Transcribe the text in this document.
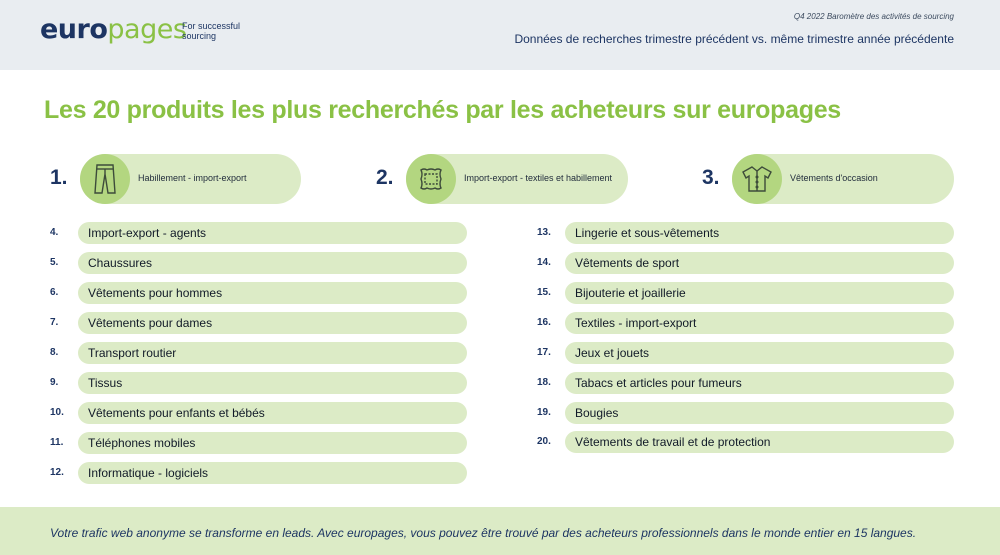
europages
For successful
sourcing
Q4 2022 Baromètre des activités de sourcing
Données de recherches trimestre précédent vs. même trimestre année précédente
Les 20 produits les plus recherchés par les acheteurs sur europages
1.	Habillement - import-export	2.	Import-export - textiles et habillement	3.	Vêtements d'occasion
4.	Import-export - agents
5.	Chaussures
6.	Vêtements pour hommes
7.	Vêtements pour dames
8.	Transport routier
9.	Tissus
10.	Vêtements pour enfants et bébés
11.	Téléphones mobiles
12.	Informatique - logiciels
13.	Lingerie et sous-vêtements
14.	Vêtements de sport
15.	Bijouterie et joaillerie
16.	Textiles - import-export
17.	Jeux et jouets
18.	Tabacs et articles pour fumeurs
19.	Bougies
20.	Vêtements de travail et de protection
Votre trafic web anonyme se transforme en leads. Avec europages, vous pouvez être trouvé par des acheteurs professionnels dans le monde entier en 15 langues.
